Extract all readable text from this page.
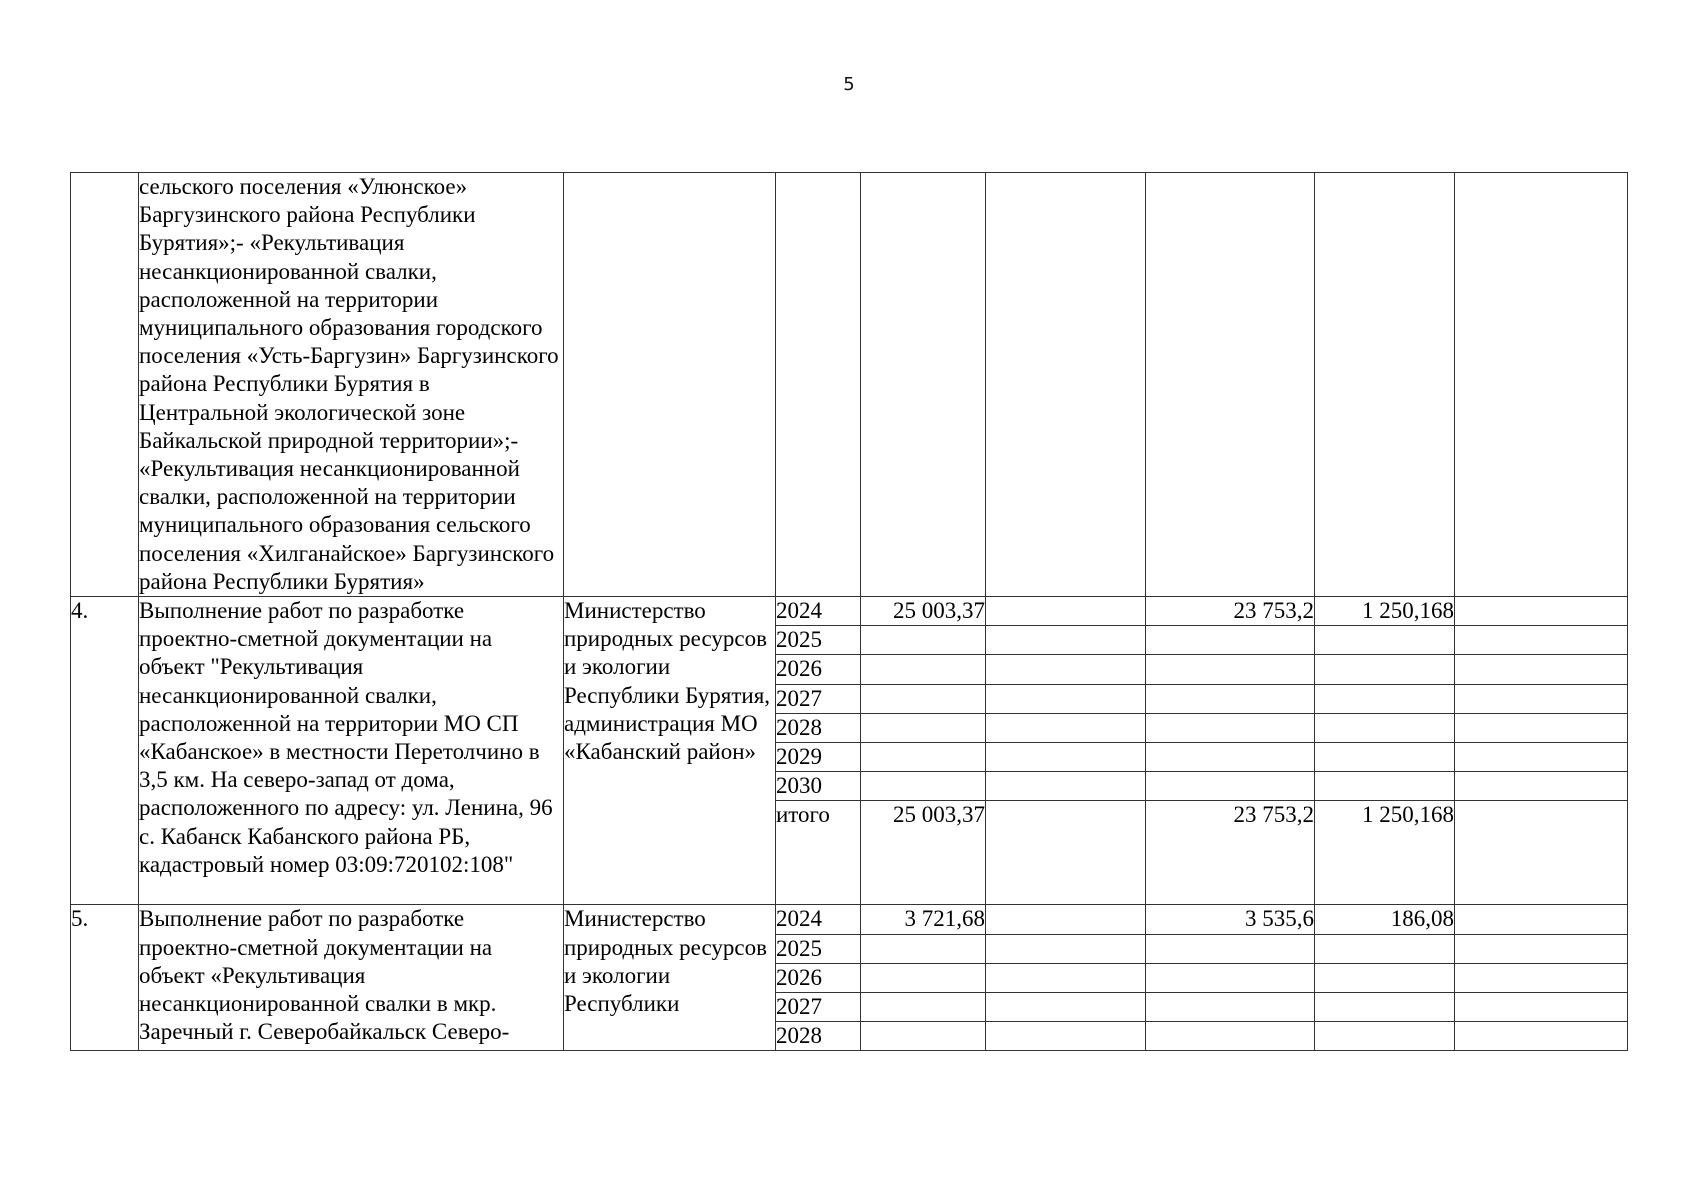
5
	сельского поселения «Улюнское» Баргузинского района Республики Бурятия»;- «Рекультивация несанкционированной свалки, расположенной на территории муниципального образования городского поселения «Усть-Баргузин» Баргузинского района Республики Бурятия в Центральной экологической зоне Байкальской природной территории»;- «Рекультивация несанкционированной свалки, расположенной на территории муниципального образования сельского поселения «Хилганайское» Баргузинского района Республики Бурятия»							
4.	Выполнение работ по разработке проектно-сметной документации на объект "Рекультивация несанкционированной свалки, расположенной на территории МО СП «Кабанское» в местности Перетолчино в 3,5 км. На северо-запад от дома, расположенного по адресу: ул. Ленина, 96 с. Кабанск Кабанского района РБ, кадастровый номер 03:09:720102:108"	Министерство природных ресурсов и экологии Республики Бурятия, администрация МО «Кабанский район»	2024	25 003,37		23 753,2	1 250,168	
			2025					
			2026					
			2027					
			2028					
			2029					
			2030					
			итого	25 003,37		23 753,2	1 250,168	
5.	Выполнение работ по разработке проектно-сметной документации на объект «Рекультивация несанкционированной свалки в мкр. Заречный г. Северобайкальск Северо-	Министерство природных ресурсов и экологии Республики	2024	3 721,68		3 535,6	186,08	
			2025					
			2026					
			2027					
			2028					
